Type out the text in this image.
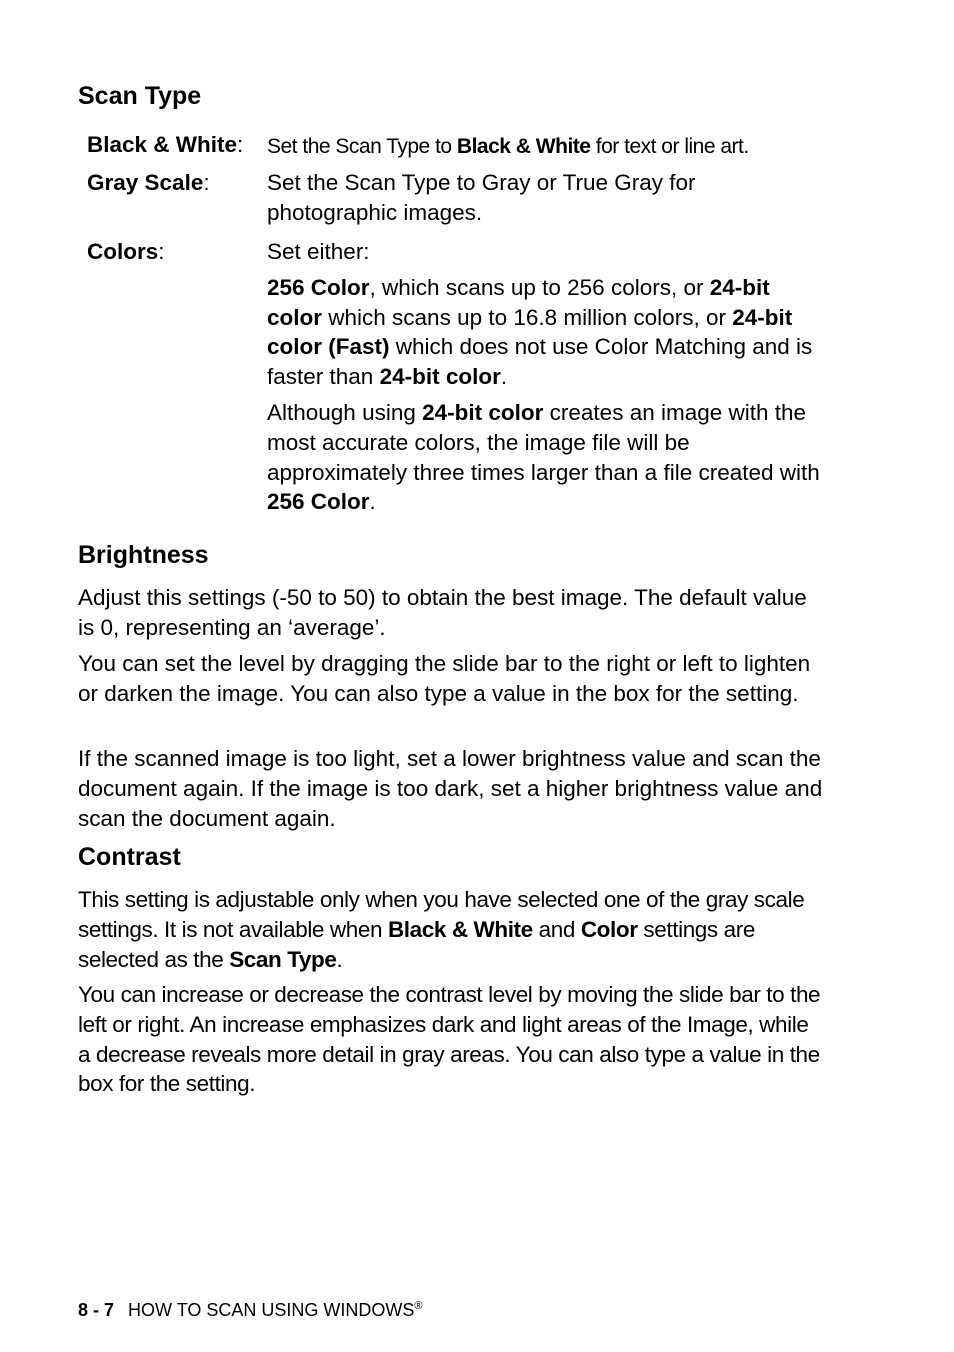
Scan Type
Black & White: Set the Scan Type to Black & White for text or line art.
Gray Scale:	Set the Scan Type to Gray or True Gray for photographic images.

Colors:	Set either:

256 Color, which scans up to 256 colors, or 24-bit color which scans up to 16.8 million colors, or 24-bit color (Fast) which does not use Color Matching and is faster than 24-bit color.

Although using 24-bit color creates an image with the most accurate colors, the image file will be approximately three times larger than a file created with 256 Color.

Brightness

Adjust this settings (-50 to 50) to obtain the best image. The default value is 0, representing an ‘average’.

You can set the level by dragging the slide bar to the right or left to lighten or darken the image. You can also type a value in the box for the setting.

If the scanned image is too light, set a lower brightness value and scan the document again. If the image is too dark, set a higher brightness value and scan the document again.

Contrast

This setting is adjustable only when you have selected one of the gray scale settings. It is not available when Black & White and Color settings are selected as the Scan Type.

You can increase or decrease the contrast level by moving the slide bar to the left or right. An increase emphasizes dark and light areas of the Image, while a decrease reveals more detail in gray areas. You can also type a value in the box for the setting.

8 - 7 HOW TO SCAN USING WINDOWS®
